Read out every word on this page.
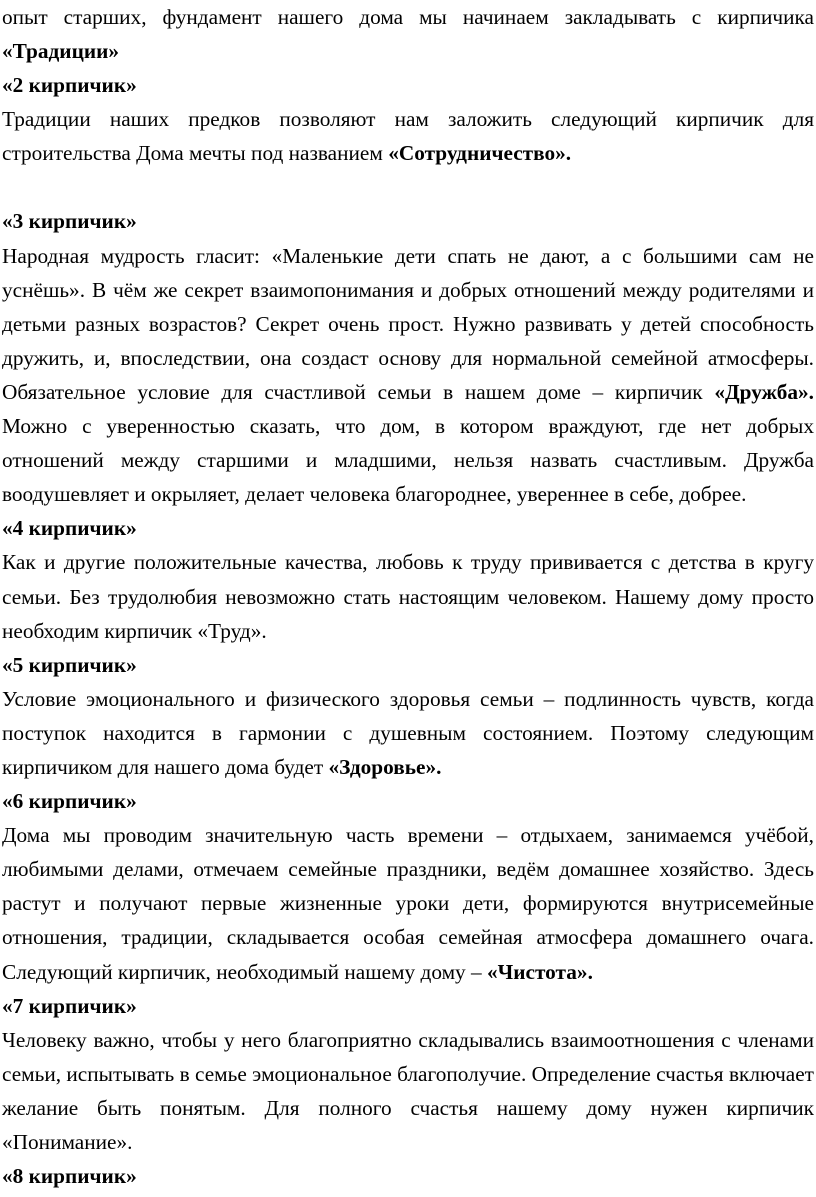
опыт старших, фундамент нашего дома мы начинаем закладывать с кирпичика «Традиции»

«2 кирпичик»

Традиции наших предков позволяют нам заложить следующий кирпичик для строительства Дома мечты под названием «Сотрудничество».

«3 кирпичик»

Народная мудрость гласит: «Маленькие дети спать не дают, а с большими сам не уснёшь». В чём же секрет взаимопонимания и добрых отношений между родителями и детьми разных возрастов? Секрет очень прост. Нужно развивать у детей способность дружить, и, впоследствии, она создаст основу для нормальной семейной атмосферы. Обязательное условие для счастливой семьи в нашем доме – кирпичик «Дружба». Можно с уверенностью сказать, что дом, в котором враждуют, где нет добрых отношений между старшими и младшими, нельзя назвать счастливым. Дружба воодушевляет и окрыляет, делает человека благороднее, увереннее в себе, добрее.

«4 кирпичик»

Как и другие положительные качества, любовь к труду прививается с детства в кругу семьи. Без трудолюбия невозможно стать настоящим человеком. Нашему дому просто необходим кирпичик «Труд».

«5 кирпичик»

Условие эмоционального и физического здоровья семьи – подлинность чувств, когда поступок находится в гармонии с душевным состоянием. Поэтому следующим кирпичиком для нашего дома будет «Здоровье».

«6 кирпичик»

Дома мы проводим значительную часть времени – отдыхаем, занимаемся учёбой, любимыми делами, отмечаем семейные праздники, ведём домашнее хозяйство. Здесь растут и получают первые жизненные уроки дети, формируются внутрисемейные отношения, традиции, складывается особая семейная атмосфера домашнего очага. Следующий кирпичик, необходимый нашему дому – «Чистота».

«7 кирпичик»

Человеку важно, чтобы у него благоприятно складывались взаимоотношения с членами семьи, испытывать в семье эмоциональное благополучие. Определение счастья включает желание быть понятым. Для полного счастья нашему дому нужен кирпичик «Понимание».

«8 кирпичик»
